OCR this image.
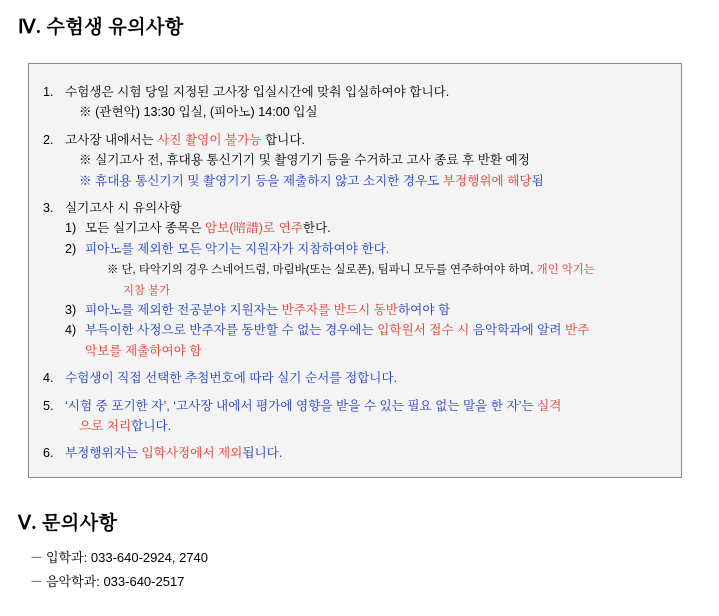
Ⅳ. 수험생 유의사항
1. 수험생은 시험 당일 지정된 고사장 입실시간에 맞춰 입실하여야 합니다.
※ (관현악) 13:30 입실, (피아노) 14:00 입실
2. 고사장 내에서는 사진 촬영이 불가능 합니다.
※ 실기고사 전, 휴대용 통신기기 및 촬영기기 등을 수거하고 고사 종료 후 반환 예정
※ 휴대용 통신기기 및 촬영기기 등을 제출하지 않고 소지한 경우도 부정행위에 해당됨
3. 실기고사 시 유의사항
1) 모든 실기고사 종목은 암보(暗譜)로 연주한다.
2) 피아노를 제외한 모든 악기는 지원자가 지참하여야 한다.
※ 단, 타악기의 경우 스네어드럼, 마림바(또는 실로폰), 팀파니 모두를 연주하여야 하며, 개인 악기는
지참 불가
3) 피아노를 제외한 전공분야 지원자는 반주자를 반드시 동반하여야 함
4) 부득이한 사정으로 반주자를 동반할 수 없는 경우에는 입학원서 접수 시 음악학과에 알려 반주
악보를 제출하여야 함
4. 수험생이 직접 선택한 추첨번호에 따라 실기 순서를 정합니다.
5. ‘시험 중 포기한 자’, ‘고사장 내에서 평가에 영향을 받을 수 있는 필요 없는 말을 한 자’는 실격
으로 처리합니다.
6. 부정행위자는 입학사정에서 제외됩니다.
Ⅴ. 문의사항
－ 입학과: 033-640-2924, 2740
－ 음악학과: 033-640-2517
